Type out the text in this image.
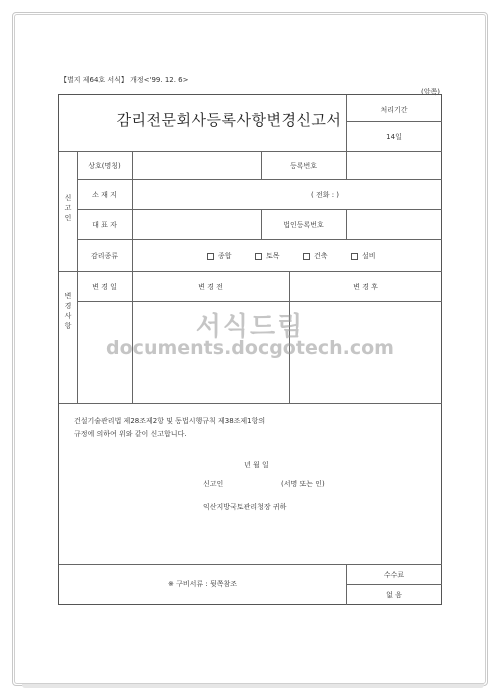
【별지 제64호 서식】 개정<'99. 12. 6>
(앞쪽)
감리전문회사등록사항변경신고서
처리기간
14일
신고인
변경사항
상호(명칭)	등록번호
소 재 지	( 전화 : )
대 표 자	법인등록번호
감리종류	종합	토목	건축	설비
변 경 일	변 경 전	변 경 후
건설기술관리법 제28조제2항 및 동법시행규칙 제38조제1항의
규정에 의하여 위와 같이 신고합니다.
년 월 일
신고인	(서명 또는 인)
익산지방국토관리청장 귀하
※ 구비서류 : 뒷쪽참조
수수료
없 음
서식드림
documents.docgotech.com
